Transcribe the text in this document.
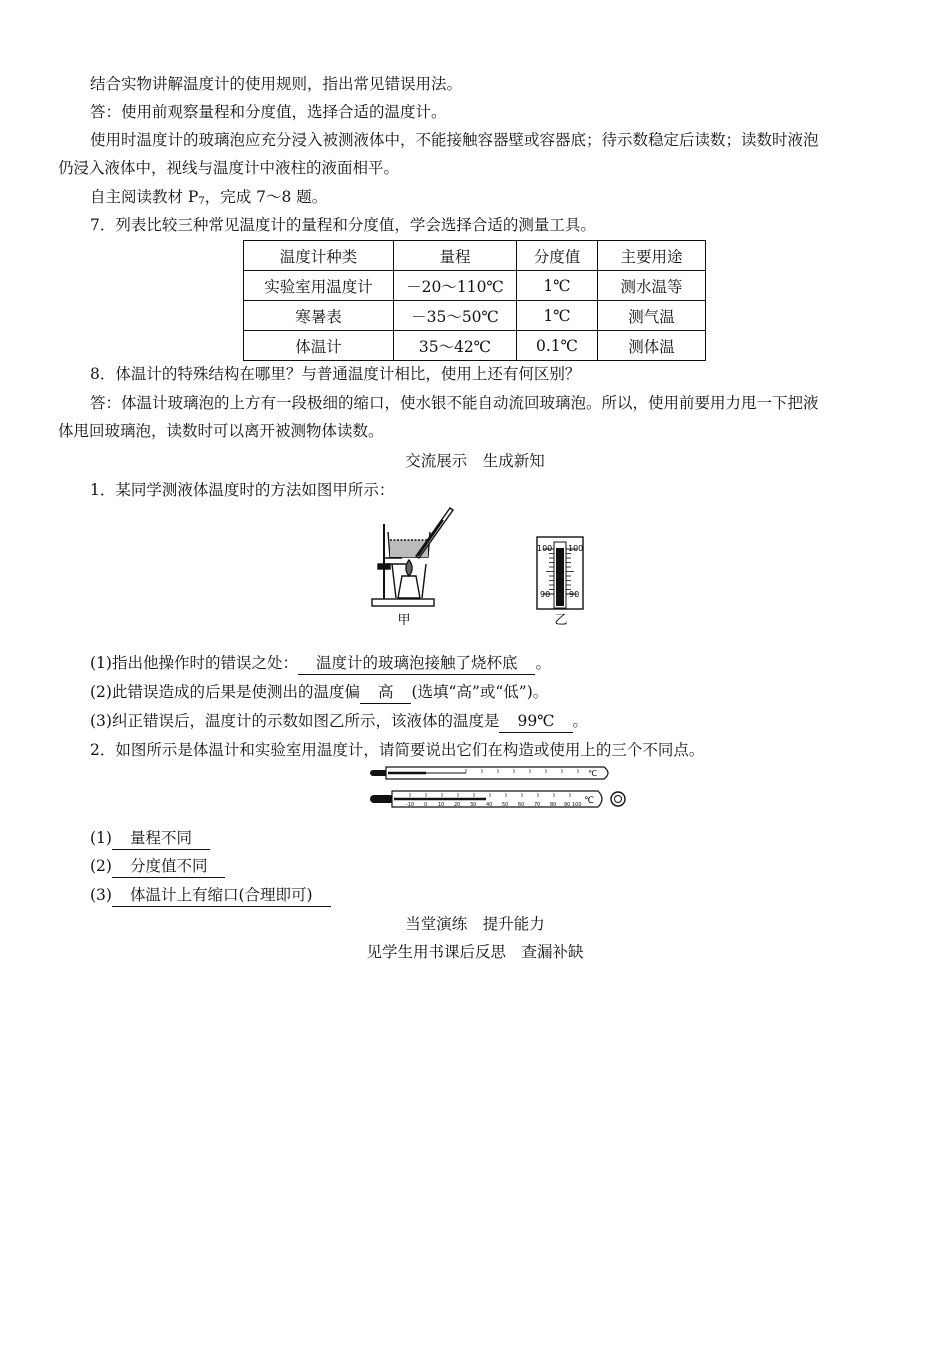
结合实物讲解温度计的使用规则，指出常见错误用法。
答：使用前观察量程和分度值，选择合适的温度计。
使用时温度计的玻璃泡应充分浸入被测液体中，不能接触容器壁或容器底；待示数稳定后读数；读数时液泡
仍浸入液体中，视线与温度计中液柱的液面相平。
自主阅读教材 $P_7$，完成 7～8 题。
7．列表比较三种常见温度计的量程和分度值，学会选择合适的测量工具。
温度计种类	量程	分度值	主要用途
实验室用温度计	－20～110℃	1℃	测水温等
寒暑表	－35～50℃	1℃	测气温
体温计	35～42℃	0.1℃	测体温
8．体温计的特殊结构在哪里？与普通温度计相比，使用上还有何区别？
答：体温计玻璃泡的上方有一段极细的缩口，使水银不能自动流回玻璃泡。所以，使用前要用力甩一下把液
体甩回玻璃泡，读数时可以离开被测物体读数。
交流展示　生成新知
1．某同学测液体温度时的方法如图甲所示：
甲
100 100
90 90
乙
(1)指出他操作时的错误之处： 温度计的玻璃泡接触了烧杯底 。
(2)此错误造成的后果是使测出的温度偏 高 (选填“高”或“低”)。
(3)纠正错误后，温度计的示数如图乙所示，该液体的温度是 99℃ 。
2．如图所示是体温计和实验室用温度计，请简要说出它们在构造或使用上的三个不同点。
℃
-10 0 10 20 30 40 50 60 70 80 90 100 ℃
(1) 量程不同
(2) 分度值不同
(3) 体温计上有缩口(合理即可)
当堂演练　提升能力
见学生用书课后反思　查漏补缺
